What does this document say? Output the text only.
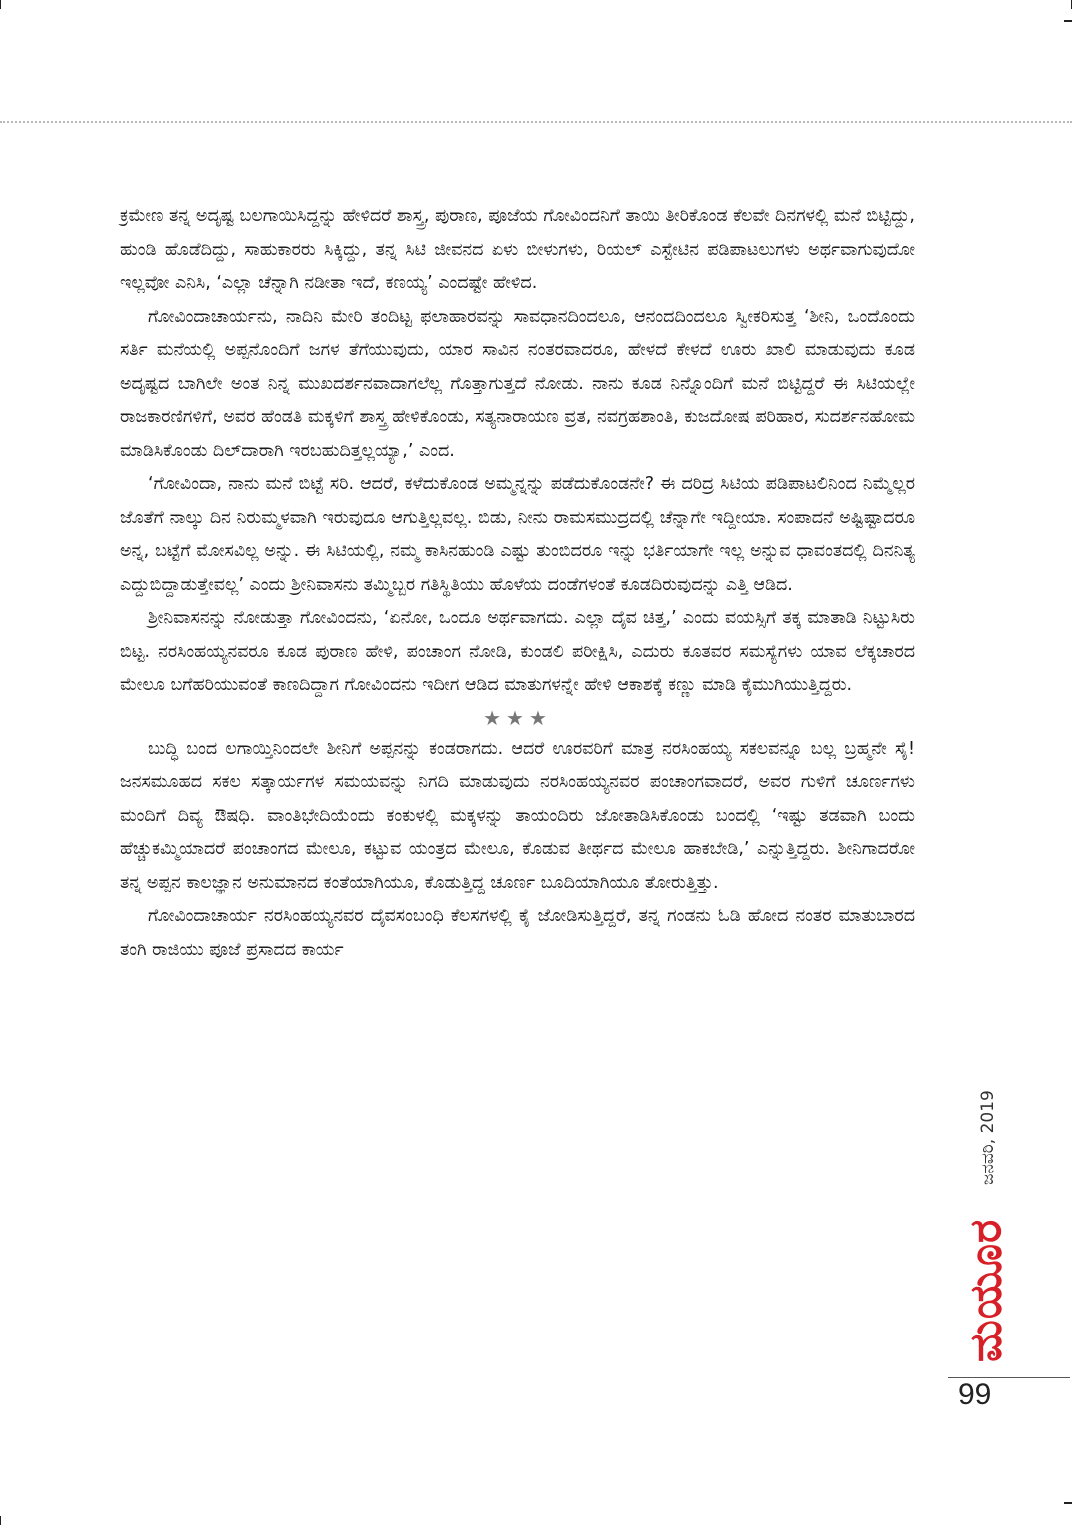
ಕ್ರಮೇಣ ತನ್ನ ಅದೃಷ್ಟ ಬಲಗಾಯಿಸಿದ್ದನ್ನು ಹೇಳಿದರೆ ಶಾಸ್ತ್ರ, ಪುರಾಣ, ಪೂಜೆಯ ಗೋವಿಂದನಿಗೆ ತಾಯಿ ತೀರಿಕೊಂಡ ಕೆಲವೇ ದಿನಗಳಲ್ಲಿ ಮನೆ ಬಿಟ್ಟಿದ್ದು, ಹುಂಡಿ ಹೊಡೆದಿದ್ದು, ಸಾಹುಕಾರರು ಸಿಕ್ಕಿದ್ದು, ತನ್ನ ಸಿಟಿ ಜೀವನದ ಏಳು ಬೀಳುಗಳು, ರಿಯಲ್ ಎಸ್ಟೇಟಿನ ಪಡಿಪಾಟಲುಗಳು ಅರ್ಥವಾಗುವುದೋ ಇಲ್ಲವೋ ಎನಿಸಿ, ‘ಎಲ್ಲಾ ಚೆನ್ನಾಗಿ ನಡೀತಾ ಇದೆ, ಕಣಯ್ಯ’ ಎಂದಷ್ಟೇ ಹೇಳಿದ.

ಗೋವಿಂದಾಚಾರ್ಯನು, ನಾದಿನಿ ಮೇರಿ ತಂದಿಟ್ಟ ಫಲಾಹಾರವನ್ನು ಸಾವಧಾನದಿಂದಲೂ, ಆನಂದದಿಂದಲೂ ಸ್ವೀಕರಿಸುತ್ತ ‘ಶೀನಿ, ಒಂದೊಂದು ಸರ್ತಿ ಮನೆಯಲ್ಲಿ ಅಪ್ಪನೊಂದಿಗೆ ಜಗಳ ತೆಗೆಯುವುದು, ಯಾರ ಸಾವಿನ ನಂತರವಾದರೂ, ಹೇಳದೆ ಕೇಳದೆ ಊರು ಖಾಲಿ ಮಾಡುವುದು ಕೂಡ ಅದೃಷ್ಟದ ಬಾಗಿಲೇ ಅಂತ ನಿನ್ನ ಮುಖದರ್ಶನವಾದಾಗಲೆಲ್ಲ ಗೊತ್ತಾಗುತ್ತದೆ ನೋಡು. ನಾನು ಕೂಡ ನಿನ್ನೊಂದಿಗೆ ಮನೆ ಬಿಟ್ಟಿದ್ದರೆ ಈ ಸಿಟಿಯಲ್ಲೇ ರಾಜಕಾರಣಿಗಳಿಗೆ, ಅವರ ಹೆಂಡತಿ ಮಕ್ಕಳಿಗೆ ಶಾಸ್ತ್ರ ಹೇಳಿಕೊಂಡು, ಸತ್ಯನಾರಾಯಣ ವ್ರತ, ನವಗ್ರಹಶಾಂತಿ, ಕುಜದೋಷ ಪರಿಹಾರ, ಸುದರ್ಶನಹೋಮ ಮಾಡಿಸಿಕೊಂಡು ದಿಲ್‌ದಾರಾಗಿ ಇರಬಹುದಿತ್ತಲ್ಲಯ್ಯಾ,’ ಎಂದ.

‘ಗೋವಿಂದಾ, ನಾನು ಮನೆ ಬಿಟ್ಟೆ ಸರಿ. ಆದರೆ, ಕಳೆದುಕೊಂಡ ಅಮ್ಮನ್ನನ್ನು ಪಡೆದುಕೊಂಡನೇ? ಈ ದರಿದ್ರ ಸಿಟಿಯ ಪಡಿಪಾಟಲಿನಿಂದ ನಿಮ್ಮೆಲ್ಲರ ಜೊತೆಗೆ ನಾಲ್ಕು ದಿನ ನಿರುಮ್ಮಳವಾಗಿ ಇರುವುದೂ ಆಗುತ್ತಿಲ್ಲವಲ್ಲ. ಬಿಡು, ನೀನು ರಾಮಸಮುದ್ರದಲ್ಲಿ ಚೆನ್ನಾಗೇ ಇದ್ದೀಯಾ. ಸಂಪಾದನೆ ಅಷ್ಟಿಷ್ಟಾದರೂ ಅನ್ನ, ಬಟ್ಟೆಗೆ ಮೋಸವಿಲ್ಲ ಅನ್ನು. ಈ ಸಿಟಿಯಲ್ಲಿ, ನಮ್ಮ ಕಾಸಿನಹುಂಡಿ ಎಷ್ಟು ತುಂಬಿದರೂ ಇನ್ನು ಭರ್ತಿಯಾಗೇ ಇಲ್ಲ ಅನ್ನುವ ಧಾವಂತದಲ್ಲಿ ದಿನನಿತ್ಯ ಎದ್ದುಬಿದ್ದಾಡುತ್ತೇವಲ್ಲ’ ಎಂದು ಶ್ರೀನಿವಾಸನು ತಮ್ಮಿಬ್ಬರ ಗತಿಸ್ಥಿತಿಯು ಹೊಳೆಯ ದಂಡೆಗಳಂತೆ ಕೂಡದಿರುವುದನ್ನು ಎತ್ತಿ ಆಡಿದ.

ಶ್ರೀನಿವಾಸನನ್ನು ನೋಡುತ್ತಾ ಗೋವಿಂದನು, ‘ಏನೋ, ಒಂದೂ ಅರ್ಥವಾಗದು. ಎಲ್ಲಾ ದೈವ ಚಿತ್ತ,’ ಎಂದು ವಯಸ್ಸಿಗೆ ತಕ್ಕ ಮಾತಾಡಿ ನಿಟ್ಟುಸಿರು ಬಿಟ್ಟ. ನರಸಿಂಹಯ್ಯನವರೂ ಕೂಡ ಪುರಾಣ ಹೇಳಿ, ಪಂಚಾಂಗ ನೋಡಿ, ಕುಂಡಲಿ ಪರೀಕ್ಷಿಸಿ, ಎದುರು ಕೂತವರ ಸಮಸ್ಯೆಗಳು ಯಾವ ಲೆಕ್ಕಚಾರದ ಮೇಲೂ ಬಗೆಹರಿಯುವಂತೆ ಕಾಣದಿದ್ದಾಗ ಗೋವಿಂದನು ಇದೀಗ ಆಡಿದ ಮಾತುಗಳನ್ನೇ ಹೇಳಿ ಆಕಾಶಕ್ಕೆ ಕಣ್ಣು ಮಾಡಿ ಕೈಮುಗಿಯುತ್ತಿದ್ದರು.

★★★

ಬುದ್ಧಿ ಬಂದ ಲಗಾಯ್ತಿನಿಂದಲೇ ಶೀನಿಗೆ ಅಪ್ಪನನ್ನು ಕಂಡರಾಗದು. ಆದರೆ ಊರವರಿಗೆ ಮಾತ್ರ ನರಸಿಂಹಯ್ಯ ಸಕಲವನ್ನೂ ಬಲ್ಲ ಬ್ರಹ್ಮನೇ ಸೈ! ಜನಸಮೂಹದ ಸಕಲ ಸತ್ಕಾರ್ಯಗಳ ಸಮಯವನ್ನು ನಿಗದಿ ಮಾಡುವುದು ನರಸಿಂಹಯ್ಯನವರ ಪಂಚಾಂಗವಾದರೆ, ಅವರ ಗುಳಿಗೆ ಚೂರ್ಣಗಳು ಮಂದಿಗೆ ದಿವ್ಯ ಔಷಧಿ. ವಾಂತಿಭೇದಿಯೆಂದು ಕಂಕುಳಲ್ಲಿ ಮಕ್ಕಳನ್ನು ತಾಯಂದಿರು ಜೋತಾಡಿಸಿಕೊಂಡು ಬಂದಲ್ಲಿ ‘ಇಷ್ಟು ತಡವಾಗಿ ಬಂದು ಹೆಚ್ಚುಕಮ್ಮಿಯಾದರೆ ಪಂಚಾಂಗದ ಮೇಲೂ, ಕಟ್ಟುವ ಯಂತ್ರದ ಮೇಲೂ, ಕೊಡುವ ತೀರ್ಥದ ಮೇಲೂ ಹಾಕಬೇಡಿ,’ ಎನ್ನುತ್ತಿದ್ದರು. ಶೀನಿಗಾದರೋ ತನ್ನ ಅಪ್ಪನ ಕಾಲಜ್ಞಾನ ಅನುಮಾನದ ಕಂತೆಯಾಗಿಯೂ, ಕೊಡುತ್ತಿದ್ದ ಚೂರ್ಣ ಬೂದಿಯಾಗಿಯೂ ತೋರುತ್ತಿತ್ತು.

ಗೋವಿಂದಾಚಾರ್ಯ ನರಸಿಂಹಯ್ಯನವರ ದೈವಸಂಬಂಧಿ ಕೆಲಸಗಳಲ್ಲಿ ಕೈ ಜೋಡಿಸುತ್ತಿದ್ದರೆ, ತನ್ನ ಗಂಡನು ಓಡಿ ಹೋದ ನಂತರ ಮಾತುಬಾರದ ತಂಗಿ ರಾಜಿಯು ಪೂಜೆ ಪ್ರಸಾದದ ಕಾರ್ಯ

ಜನವರಿ, 2019
ಮಯೂರ
99
